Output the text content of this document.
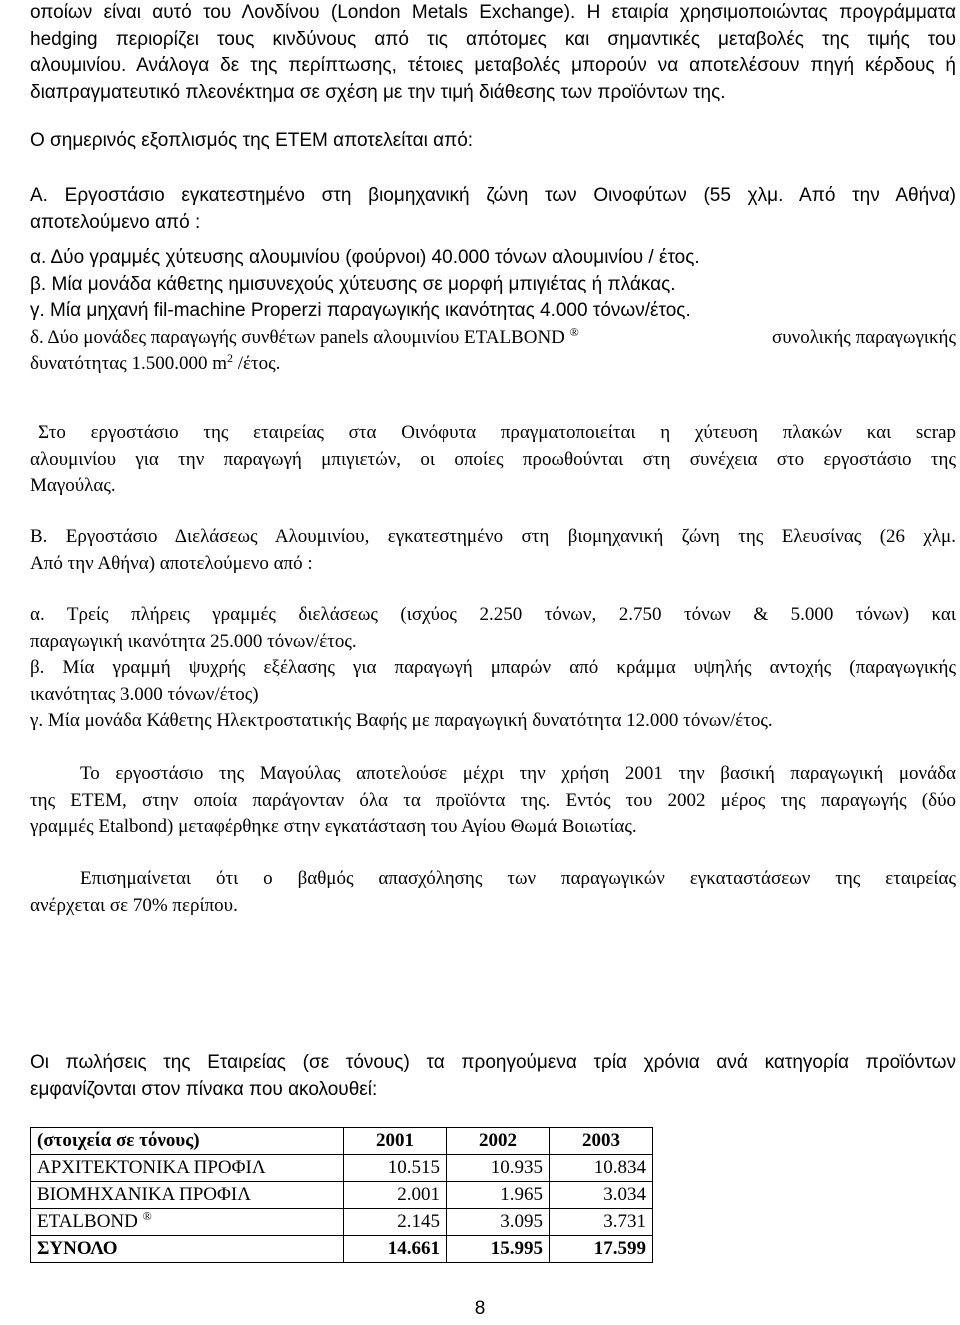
οποίων είναι αυτό του Λονδίνου (London Metals Exchange). Η εταιρία χρησιμοποιώντας προγράμματα
hedging περιορίζει τους κινδύνους από τις απότομες και σημαντικές μεταβολές της τιμής του
αλουμινίου. Ανάλογα δε της περίπτωσης, τέτοιες μεταβολές μπορούν να αποτελέσουν πηγή κέρδους ή
διαπραγματευτικό πλεονέκτημα σε σχέση με την τιμή διάθεσης των προϊόντων της.
Ο σημερινός εξοπλισμός της ΕΤΕΜ αποτελείται από:
Α. Εργοστάσιο εγκατεστημένο στη βιομηχανική ζώνη των Οινοφύτων (55 χλμ. Από την Αθήνα)
αποτελούμενο από :
α. Δύο γραμμές χύτευσης αλουμινίου (φούρνοι) 40.000 τόνων αλουμινίου / έτος.
β. Μία μονάδα κάθετης ημισυνεχούς χύτευσης σε μορφή μπιγιέτας ή πλάκας.
γ. Μία μηχανή fil-machine Properzi παραγωγικής ικανότητας 4.000 τόνων/έτος.
δ. Δύο μονάδες παραγωγής συνθέτων panels αλουμινίου ETALBOND ®	συνολικής παραγωγικής
δυνατότητας 1.500.000 $m^2$ /έτος.
Στο εργοστάσιο της εταιρείας στα Οινόφυτα πραγματοποιείται η χύτευση πλακών και scrap
αλουμινίου για την παραγωγή μπιγιετών, οι οποίες προωθούνται στη συνέχεια στο εργοστάσιο της
Μαγούλας.
Β. Εργοστάσιο Διελάσεως Αλουμινίου, εγκατεστημένο στη βιομηχανική ζώνη της Ελευσίνας (26 χλμ.
Από την Αθήνα) αποτελούμενο από :
α. Τρείς πλήρεις γραμμές διελάσεως (ισχύος 2.250 τόνων, 2.750 τόνων & 5.000 τόνων) και
παραγωγική ικανότητα 25.000 τόνων/έτος.
β. Μία γραμμή ψυχρής εξέλασης για παραγωγή μπαρών από κράμμα υψηλής αντοχής (παραγωγικής
ικανότητας 3.000 τόνων/έτος)
γ. Μία μονάδα Κάθετης Ηλεκτροστατικής Βαφής με παραγωγική δυνατότητα 12.000 τόνων/έτος.
Το εργοστάσιο της Μαγούλας αποτελούσε μέχρι την χρήση 2001 την βασική παραγωγική μονάδα
της ΕΤΕΜ, στην οποία παράγονταν όλα τα προϊόντα της. Εντός του 2002 μέρος της παραγωγής (δύο
γραμμές Etalbond) μεταφέρθηκε στην εγκατάσταση του Αγίου Θωμά Βοιωτίας.
Επισημαίνεται ότι ο βαθμός απασχόλησης των παραγωγικών εγκαταστάσεων της εταιρείας
ανέρχεται σε 70% περίπου.
Οι πωλήσεις της Εταιρείας (σε τόνους) τα προηγούμενα τρία χρόνια ανά κατηγορία προϊόντων
εμφανίζονται στον πίνακα που ακολουθεί:
(στοιχεία σε τόνους)	2001	2002	2003
ΑΡΧΙΤΕΚΤΟΝΙΚΑ ΠΡΟΦΙΛ	10.515	10.935	10.834
ΒΙΟΜΗΧΑΝΙΚΑ ΠΡΟΦΙΛ	2.001	1.965	3.034
ETALBOND ®	2.145	3.095	3.731
ΣΥΝΟΛΟ	14.661	15.995	17.599
8
